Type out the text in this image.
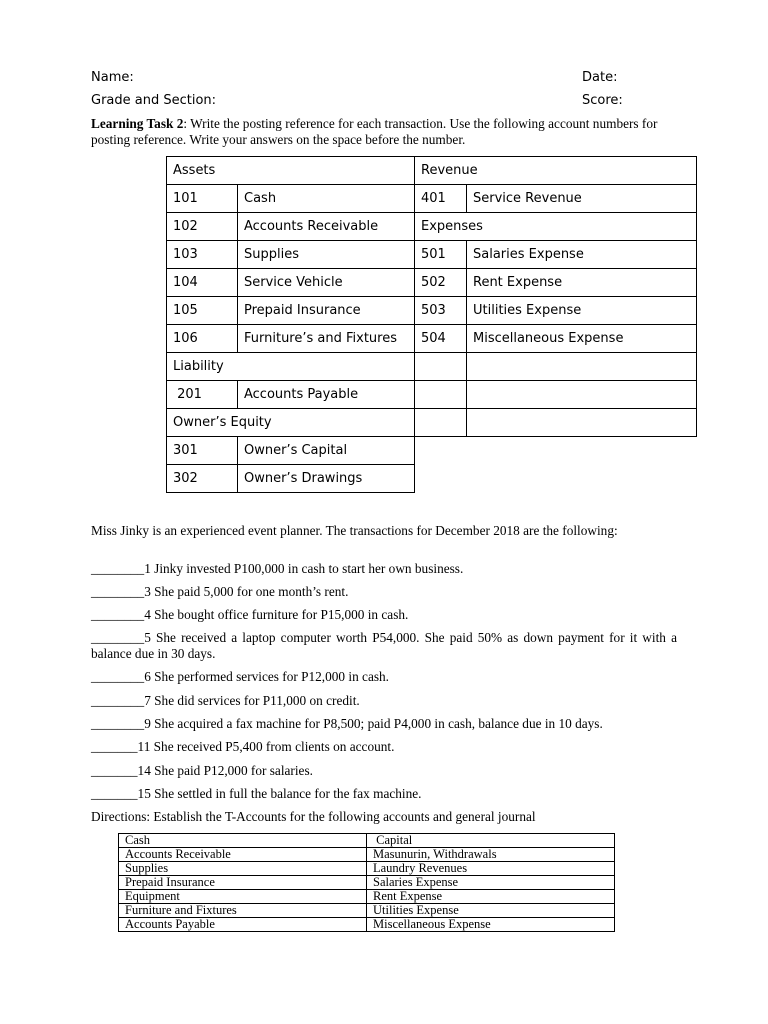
Name:	Date:
Grade and Section:	Score:
Learning Task 2: Write the posting reference for each transaction. Use the following account numbers for posting reference. Write your answers on the space before the number.
Assets		Revenue	
101	Cash	401	Service Revenue
102	Accounts Receivable	Expenses	
103	Supplies	501	Salaries Expense
104	Service Vehicle	502	Rent Expense
105	Prepaid Insurance	503	Utilities Expense
106	Furniture’s and Fixtures	504	Miscellaneous Expense
Liability			
201	Accounts Payable		
Owner’s Equity			
301	Owner’s Capital		
302	Owner’s Drawings		
Miss Jinky is an experienced event planner. The transactions for December 2018 are the following:
________1 Jinky invested P100,000 in cash to start her own business.
________3 She paid 5,000 for one month’s rent.
________4 She bought office furniture for P15,000 in cash.
________5 She received a laptop computer worth P54,000. She paid 50% as down payment for it with a balance due in 30 days.
________6 She performed services for P12,000 in cash.
________7 She did services for P11,000 on credit.
________9 She acquired a fax machine for P8,500; paid P4,000 in cash, balance due in 10 days.
_______11 She received P5,400 from clients on account.
_______14 She paid P12,000 for salaries.
_______15 She settled in full the balance for the fax machine.
Directions: Establish the T-Accounts for the following accounts and general journal
Cash	Capital
Accounts Receivable	Masunurin, Withdrawals
Supplies	Laundry Revenues
Prepaid Insurance	Salaries Expense
Equipment	Rent Expense
Furniture and Fixtures	Utilities Expense
Accounts Payable	Miscellaneous Expense
